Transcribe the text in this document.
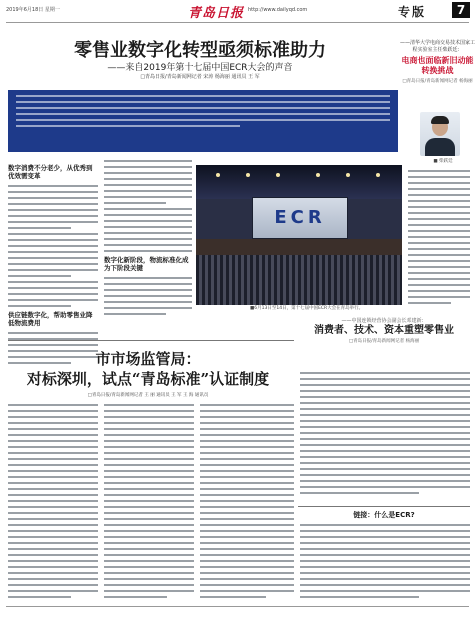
2019年6月18日 星期一	青岛日报 http://www.dailyqd.com	专版	7
零售业数字化转型亟须标准助力
——来自2019年第十七届中国ECR大会的声音
□青岛日报/青岛新闻网记者 宋涛 杨海丽 通讯员 王 军
——清华大学电商交易技术国家工程实验室主任柴跃廷：
电商也面临新旧动能转换挑战
□青岛日报/青岛新闻网记者 杨海丽
■ 柴跃廷
数字消费不分老少，从优秀到优效需变革
供应链数字化，帮助零售业降低物流费用
数字化新阶段，物流标准化成为下阶段关键
ECR
■6月13日至14日，第十七届中国ECR大会在青岛举行。
——中国连锁经营协会副会长邓建新：
消费者、技术、资本重塑零售业
□青岛日报/青岛新闻网记者 杨海丽
市市场监管局：
对标深圳，试点“青岛标准”认证制度
□青岛日报/青岛新闻网记者 王 丽 通讯员 王 军 王 海 通讯员
链接：什么是ECR?
